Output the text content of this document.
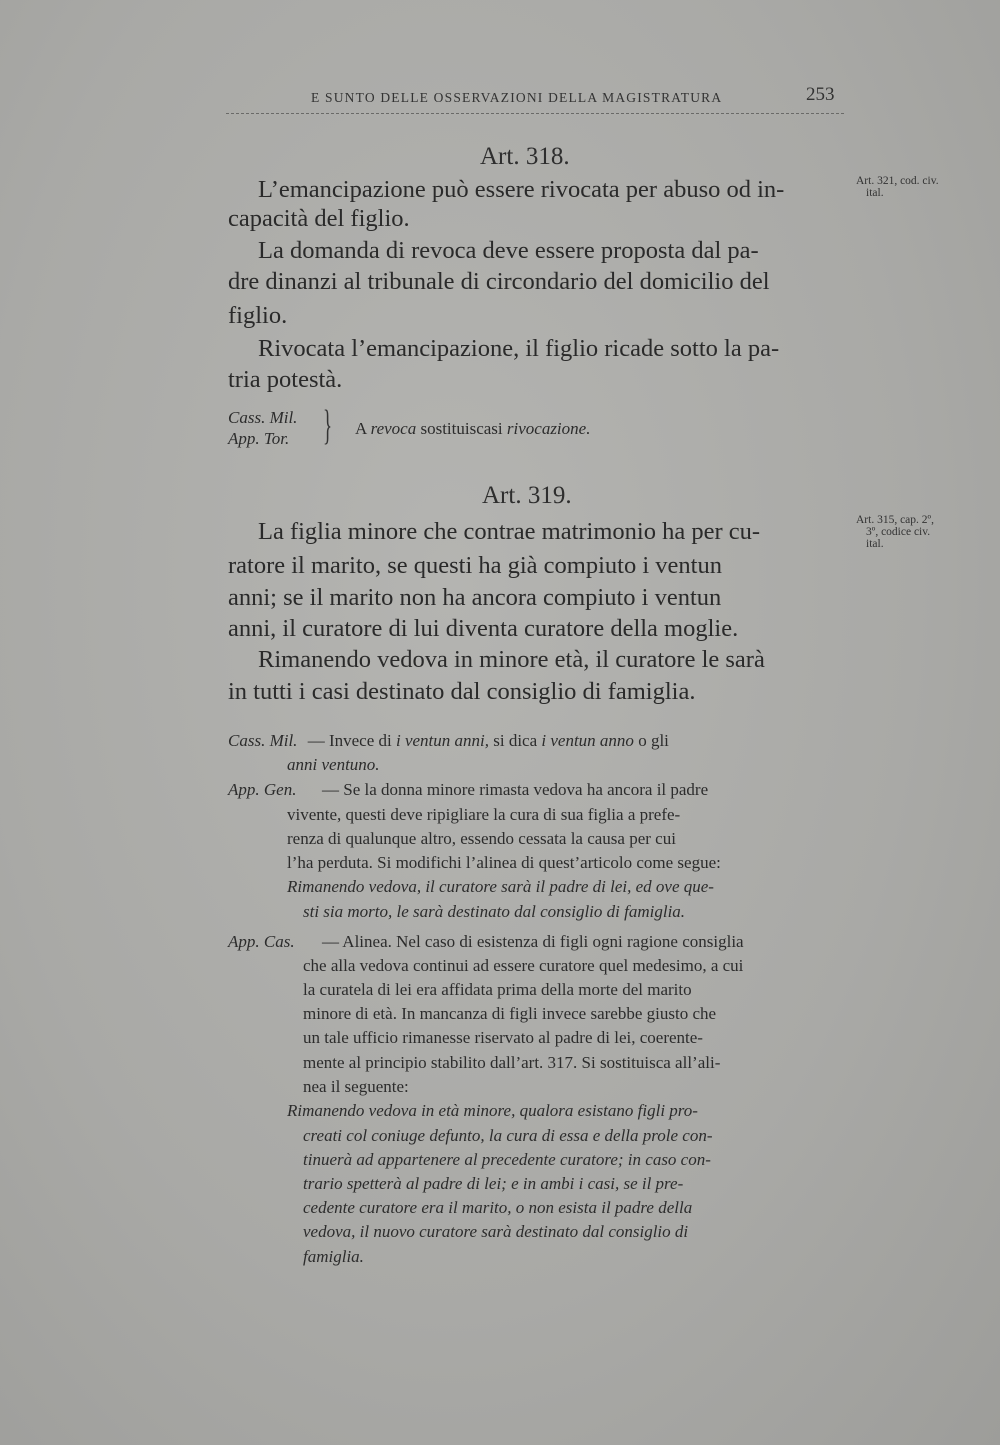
E SUNTO DELLE OSSERVAZIONI DELLA MAGISTRATURA	253
Art. 318.
Art. 321, cod. civ.
ital.
L’emancipazione può essere rivocata per abuso od in-
capacità del figlio.
La domanda di revoca deve essere proposta dal pa-
dre dinanzi al tribunale di circondario del domicilio del
figlio.
Rivocata l’emancipazione, il figlio ricade sotto la pa-
tria potestà.
Cass. Mil.
App. Tor. } A revoca sostituiscasi rivocazione.
Art. 319.
Art. 315, cap. 2º,
3º, codice civ.
ital.
La figlia minore che contrae matrimonio ha per cu-
ratore il marito, se questi ha già compiuto i ventun
anni; se il marito non ha ancora compiuto i ventun
anni, il curatore di lui diventa curatore della moglie.
Rimanendo vedova in minore età, il curatore le sarà
in tutti i casi destinato dal consiglio di famiglia.
Cass. Mil. — Invece di i ventun anni, si dica i ventun anno o gli
anni ventuno.
App. Gen. — Se la donna minore rimasta vedova ha ancora il padre
vivente, questi deve ripigliare la cura di sua figlia a prefe-
renza di qualunque altro, essendo cessata la causa per cui
l’ha perduta. Si modifichi l’alinea di quest’articolo come segue:
Rimanendo vedova, il curatore sarà il padre di lei, ed ove que-
sti sia morto, le sarà destinato dal consiglio di famiglia.
App. Cas. — Alinea. Nel caso di esistenza di figli ogni ragione consiglia
che alla vedova continui ad essere curatore quel medesimo, a cui
la curatela di lei era affidata prima della morte del marito
minore di età. In mancanza di figli invece sarebbe giusto che
un tale ufficio rimanesse riservato al padre di lei, coerente-
mente al principio stabilito dall’art. 317. Si sostituisca all’ali-
nea il seguente:
Rimanendo vedova in età minore, qualora esistano figli pro-
creati col coniuge defunto, la cura di essa e della prole con-
tinuerà ad appartenere al precedente curatore; in caso con-
trario spetterà al padre di lei; e in ambi i casi, se il pre-
cedente curatore era il marito, o non esista il padre della
vedova, il nuovo curatore sarà destinato dal consiglio di
famiglia.
